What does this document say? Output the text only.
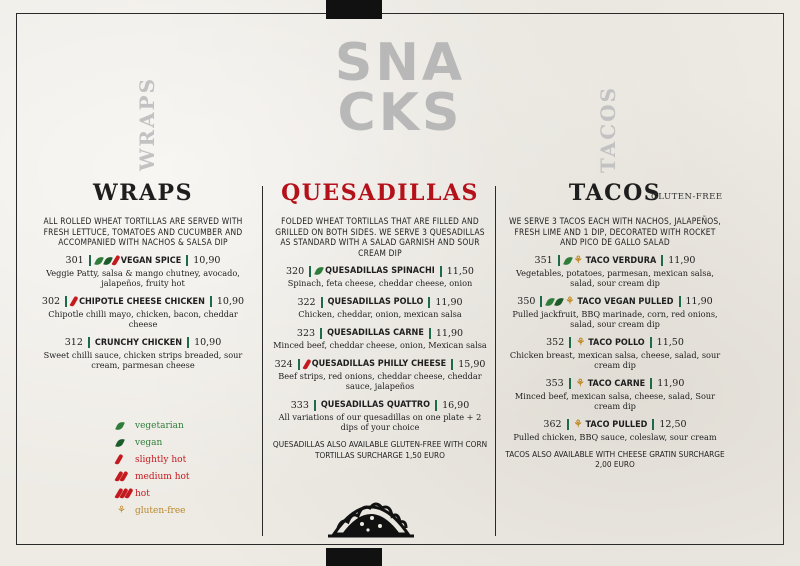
SNA
CKS
WRAPS	TACOS
WRAPS
ALL ROLLED WHEAT TORTILLAS ARE SERVED WITH FRESH LETTUCE, TOMATOES AND CUCUMBER AND ACCOMPANIED WITH NACHOS & SALSA DIP
301	VEGAN SPICE 10,90
Veggie Patty, salsa & mango chutney, avocado, jalapeños, fruity hot
302 CHIPOTLE CHEESE CHICKEN 10,90
Chipotle chilli mayo, chicken, bacon, cheddar cheese
312 CRUNCHY CHICKEN 10,90
Sweet chilli sauce, chicken strips breaded, sour cream, parmesan cheese
QUESADILLAS
FOLDED WHEAT TORTILLAS THAT ARE FILLED AND GRILLED ON BOTH SIDES. WE SERVE 3 QUESADILLAS AS STANDARD WITH A SALAD GARNISH AND SOUR CREAM DIP
320 QUESADILLAS SPINACHI 11,50
Spinach, feta cheese, cheddar cheese, onion
322 QUESADILLAS POLLO 11,90
Chicken, cheddar, onion, mexican salsa
323 QUESADILLAS CARNE 11,90
Minced beef, cheddar cheese, onion, Mexican salsa
324 QUESADILLAS PHILLY CHEESE 15,90
Beef strips, red onions, cheddar cheese, cheddar sauce, jalapeños
333 QUESADILLAS QUATTRO 16,90
All variations of our quesadillas on one plate + 2 dips of your choice
QUESADILLAS ALSO AVAILABLE GLUTEN-FREE WITH CORN TORTILLAS SURCHARGE 1,50 EURO
TACOS
GLUTEN-FREE
WE SERVE 3 TACOS EACH WITH NACHOS, JALAPEÑOS, FRESH LIME AND 1 DIP, DECORATED WITH ROCKET AND PICO DE GALLO SALAD
351 ⚘ TACO VERDURA 11,90
Vegetables, potatoes, parmesan, mexican salsa, salad, sour cream dip
350	⚘ TACO VEGAN PULLED 11,90
Pulled jackfruit, BBQ marinade, corn, red onions, salad, sour cream dip
352 ⚘ TACO POLLO 11,50
Chicken breast, mexican salsa, cheese, salad, sour cream dip
353 ⚘ TACO CARNE 11,90
Minced beef, mexican salsa, cheese, salad, Sour cream dip
362 ⚘ TACO PULLED 12,50
Pulled chicken, BBQ sauce, coleslaw, sour cream
TACOS ALSO AVAILABLE WITH CHEESE GRATIN SURCHARGE 2,00 EURO
vegetarian
vegan
slightly hot
medium hot
hot
⚘ gluten-free
